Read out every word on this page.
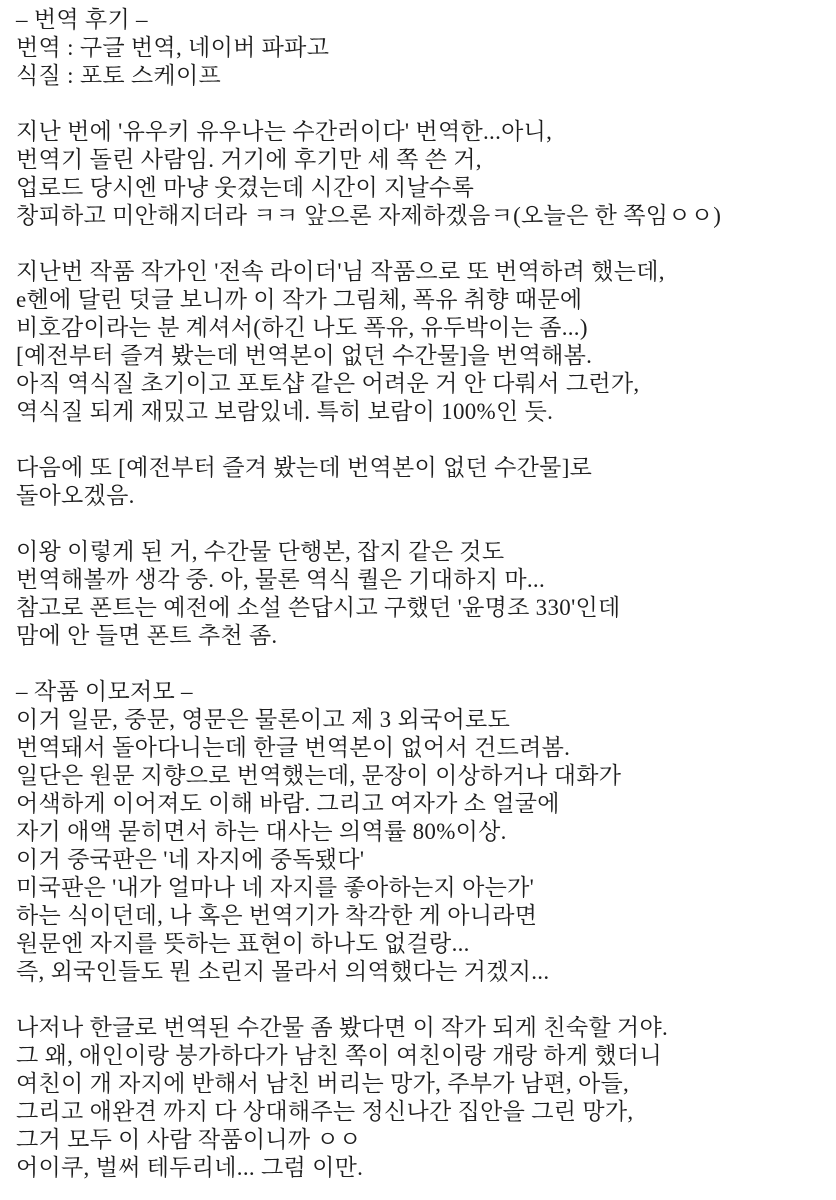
– 번역 후기 –
번역 : 구글 번역, 네이버 파파고
식질 : 포토 스케이프
지난 번에 '유우키 유우나는 수간러이다' 번역한...아니,
번역기 돌린 사람임. 거기에 후기만 세 쪽 쓴 거,
업로드 당시엔 마냥 웃겼는데 시간이 지날수록
창피하고 미안해지더라 ㅋㅋ 앞으론 자제하겠음ㅋ(오늘은 한 쪽임ㅇㅇ)
지난번 작품 작가인 '전속 라이더'님 작품으로 또 번역하려 했는데,
e헨에 달린 덧글 보니까 이 작가 그림체, 폭유 취향 때문에
비호감이라는 분 계셔서(하긴 나도 폭유, 유두박이는 좀...)
[예전부터 즐겨 봤는데 번역본이 없던 수간물]을 번역해봄.
아직 역식질 초기이고 포토샵 같은 어려운 거 안 다뤄서 그런가,
역식질 되게 재밌고 보람있네. 특히 보람이 100%인 듯.
다음에 또 [예전부터 즐겨 봤는데 번역본이 없던 수간물]로
돌아오겠음.
이왕 이렇게 된 거, 수간물 단행본, 잡지 같은 것도
번역해볼까 생각 중. 아, 물론 역식 퀄은 기대하지 마...
참고로 폰트는 예전에 소설 쓴답시고 구했던 '윤명조 330'인데
맘에 안 들면 폰트 추천 좀.
– 작품 이모저모 –
이거 일문, 중문, 영문은 물론이고 제 3 외국어로도
번역돼서 돌아다니는데 한글 번역본이 없어서 건드려봄.
일단은 원문 지향으로 번역했는데, 문장이 이상하거나 대화가
어색하게 이어져도 이해 바람. 그리고 여자가 소 얼굴에
자기 애액 묻히면서 하는 대사는 의역률 80%이상.
이거 중국판은 '네 자지에 중독됐다'
미국판은 '내가 얼마나 네 자지를 좋아하는지 아는가'
하는 식이던데, 나 혹은 번역기가 착각한 게 아니라면
원문엔 자지를 뜻하는 표현이 하나도 없걸랑...
즉, 외국인들도 뭔 소린지 몰라서 의역했다는 거겠지...
나저나 한글로 번역된 수간물 좀 봤다면 이 작가 되게 친숙할 거야.
그 왜, 애인이랑 붕가하다가 남친 쪽이 여친이랑 개랑 하게 했더니
여친이 개 자지에 반해서 남친 버리는 망가, 주부가 남편, 아들,
그리고 애완견 까지 다 상대해주는 정신나간 집안을 그린 망가,
그거 모두 이 사람 작품이니까 ㅇㅇ
어이쿠, 벌써 테두리네... 그럼 이만.
